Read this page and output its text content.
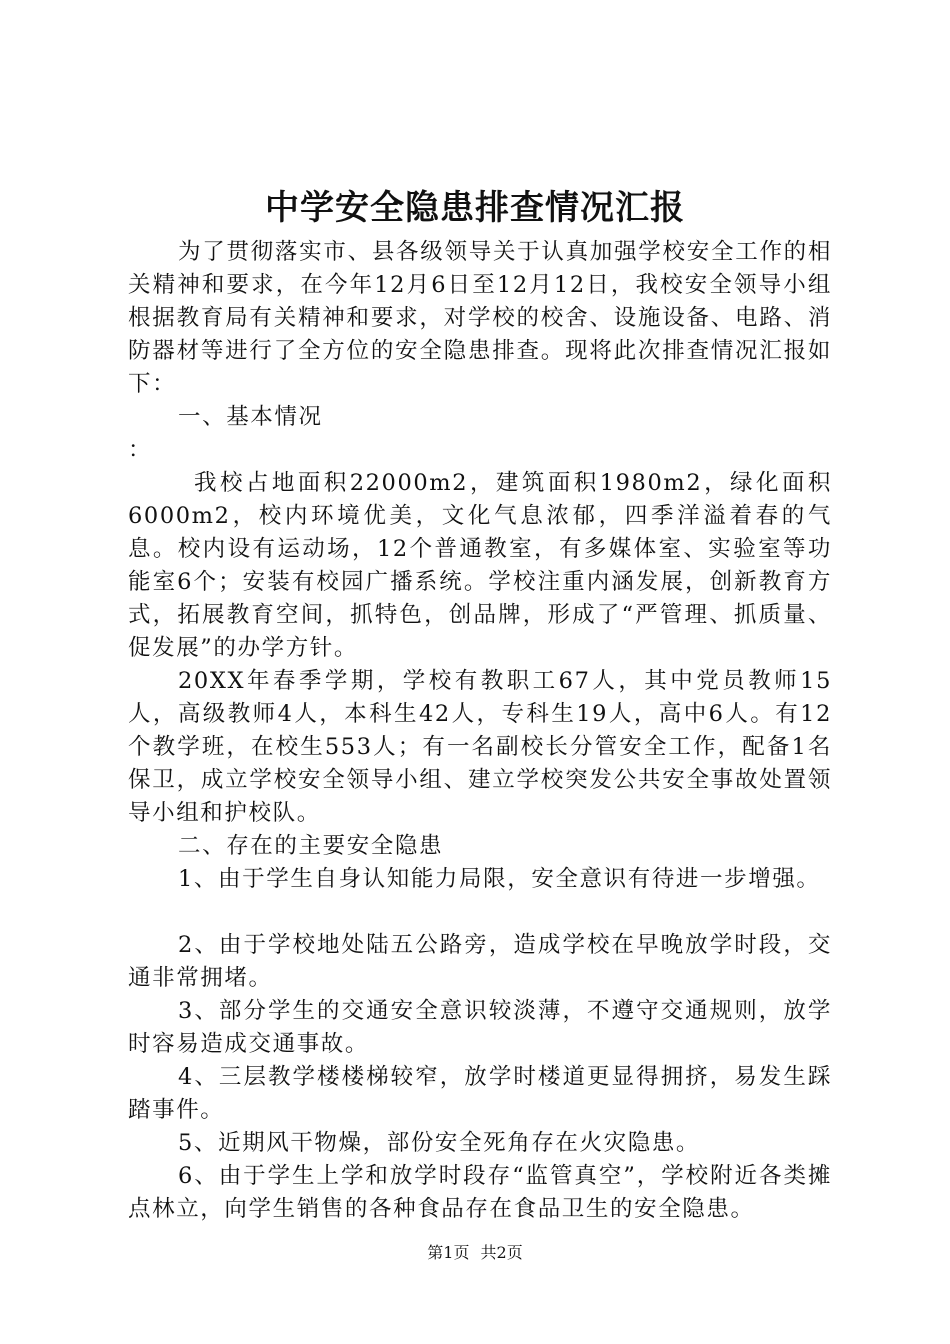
中学安全隐患排查情况汇报

为了贯彻落实市、县各级领导关于认真加强学校安全工作的相关精神和要求，在今年12月6日至12月12日，我校安全领导小组根据教育局有关精神和要求，对学校的校舍、设施设备、电路、消防器材等进行了全方位的安全隐患排查。现将此次排查情况汇报如下：

一、基本情况

：

我校占地面积22000m2，建筑面积1980m2，绿化面积6000m2，校内环境优美，文化气息浓郁，四季洋溢着春的气息。校内设有运动场，12个普通教室，有多媒体室、实验室等功能室6个；安装有校园广播系统。学校注重内涵发展，创新教育方式，拓展教育空间，抓特色，创品牌，形成了“严管理、抓质量、促发展”的办学方针。

20XX年春季学期，学校有教职工67人，其中党员教师15人，高级教师4人，本科生42人，专科生19人，高中6人。有12个教学班，在校生553人；有一名副校长分管安全工作，配备1名保卫，成立学校安全领导小组、建立学校突发公共安全事故处置领导小组和护校队。

二、存在的主要安全隐患

1、由于学生自身认知能力局限，安全意识有待进一步增强。

2、由于学校地处陆五公路旁，造成学校在早晚放学时段，交通非常拥堵。

3、部分学生的交通安全意识较淡薄，不遵守交通规则，放学时容易造成交通事故。

4、三层教学楼楼梯较窄，放学时楼道更显得拥挤，易发生踩踏事件。

5、近期风干物燥，部份安全死角存在火灾隐患。

6、由于学生上学和放学时段存“监管真空”，学校附近各类摊点林立，向学生销售的各种食品存在食品卫生的安全隐患。

第1页 共2页
